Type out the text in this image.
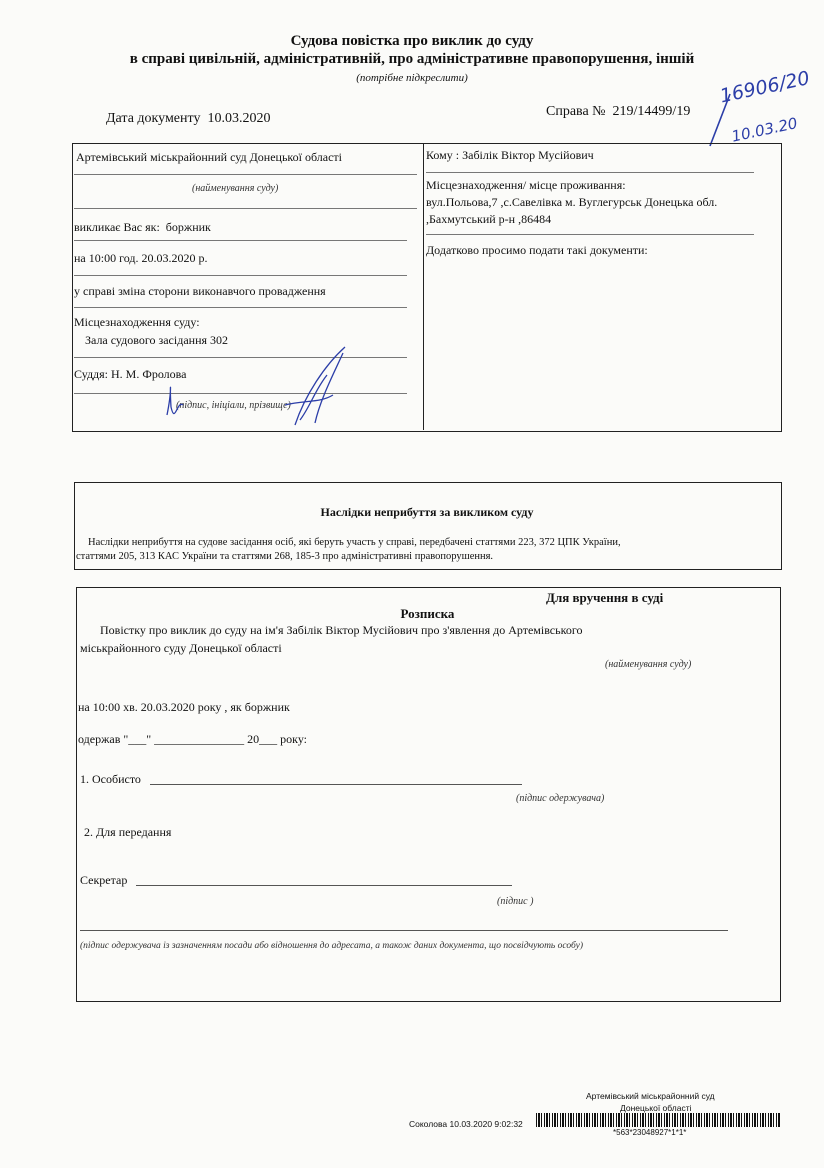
Судова повістка про виклик до суду
в справі цивільній, адміністративній, про адміністративне правопорушення, іншій
(потрібне підкреслити)
Дата документу 10.03.2020	Справа № 219/14499/19
16906/20
10.03.20
Артемівський міськрайонний суд Донецької області
(найменування суду)
викликає Вас як: боржник
на 10:00 год. 20.03.2020 р.
у справі зміна сторони виконавчого провадження
Місцезнаходження суду:
Зала судового засідання 302
Суддя: Н. М. Фролова
(підпис, ініціали, прізвище)
Кому : Забілік Віктор Мусійович
Місцезнаходження/ місце проживання:
вул.Польова,7 ,с.Савелівка м. Вуглегурськ Донецька обл.
,Бахмутський р-н ,86484
Додатково просимо подати такі документи:
Наслідки неприбуття за викликом суду
Наслідки неприбуття на судове засідання осіб, які беруть участь у справі, передбачені статтями 223, 372 ЦПК України,
статтями 205, 313 КАС України та статтями 268, 185-3 про адміністративні правопорушення.
Для вручення в суді
Розписка
Повістку про виклик до суду на ім'я Забілік Віктор Мусійович про з'явлення до Артемівського
міськрайонного суду Донецької області
(найменування суду)
на 10:00 хв. 20.03.2020 року , як боржник
одержав "___" _______________ 20___ року:
1. Особисто
(підпис одержувача)
2. Для передання
Секретар
(підпис )
(підпис одержувача із зазначенням посади або відношення до адресата, а також даних документа, що посвідчують особу)
Артемівський міськрайонний суд
Донецької області
Соколова 10.03.2020 9:02:32
*563*23048927*1*1*
